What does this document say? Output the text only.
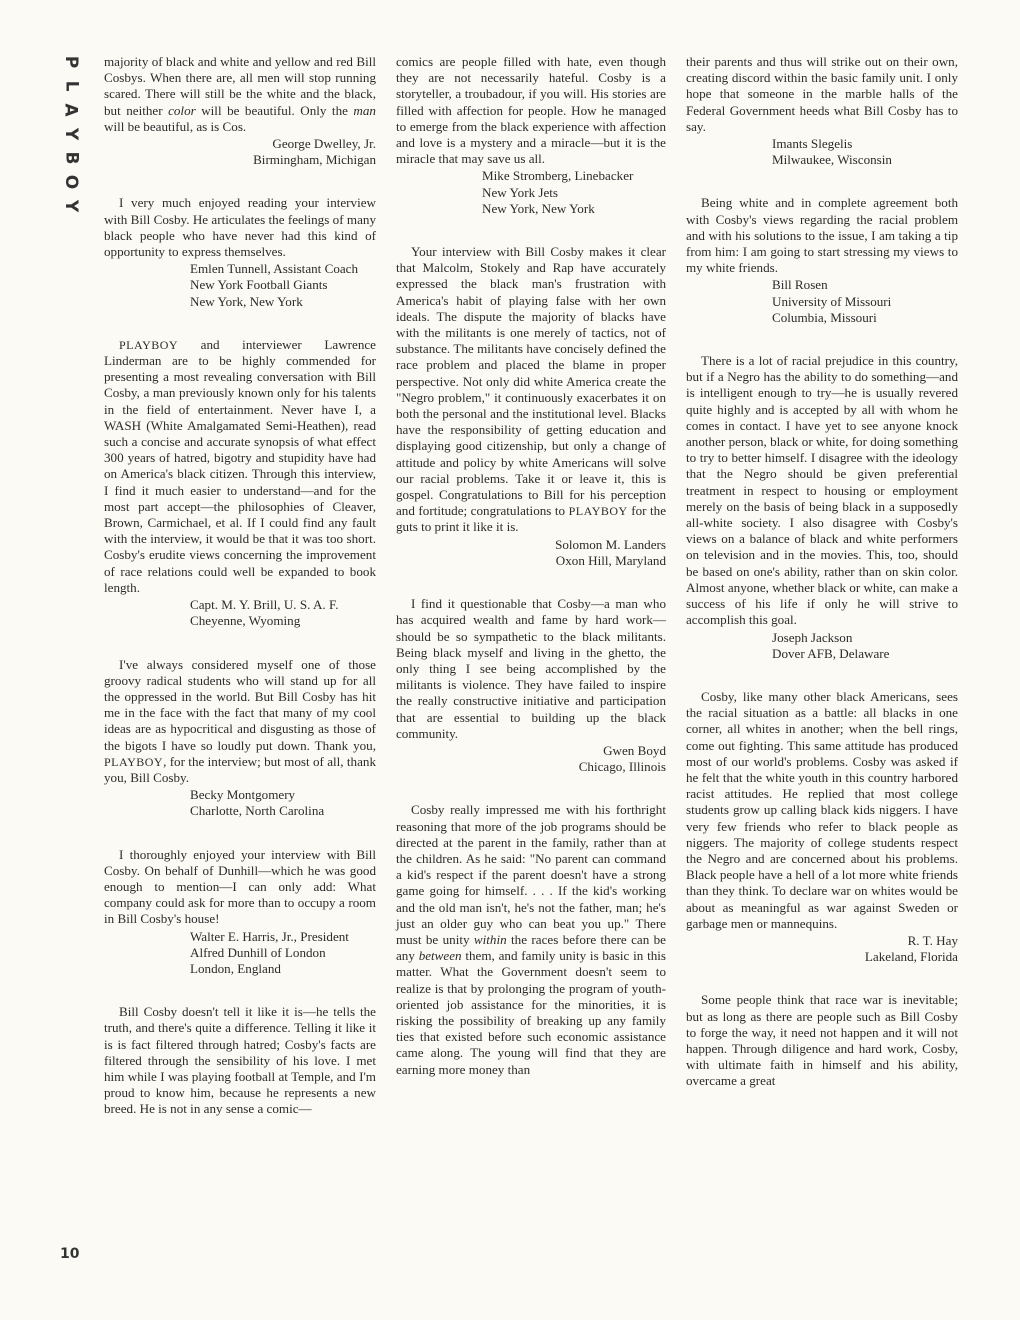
P
L
A
Y
B
O
Y
10

majority of black and white and yellow and red Bill Cosbys. When there are, all men will stop running scared. There will still be the white and the black, but neither color will be beautiful. Only the man will be beautiful, as is Cos.

George Dwelley, Jr.
Birmingham, Michigan

I very much enjoyed reading your interview with Bill Cosby. He articulates the feelings of many black people who have never had this kind of opportunity to express themselves.

Emlen Tunnell, Assistant Coach
New York Football Giants
New York, New York

PLAYBOY and interviewer Lawrence Linderman are to be highly commended for presenting a most revealing conversation with Bill Cosby, a man previously known only for his talents in the field of entertainment. Never have I, a WASH (White Amalgamated Semi-Heathen), read such a concise and accurate synopsis of what effect 300 years of hatred, bigotry and stupidity have had on America's black citizen. Through this interview, I find it much easier to understand—and for the most part accept—the philosophies of Cleaver, Brown, Carmichael, et al. If I could find any fault with the interview, it would be that it was too short. Cosby's erudite views concerning the improvement of race relations could well be expanded to book length.

Capt. M. Y. Brill, U. S. A. F.
Cheyenne, Wyoming

I've always considered myself one of those groovy radical students who will stand up for all the oppressed in the world. But Bill Cosby has hit me in the face with the fact that many of my cool ideas are as hypocritical and disgusting as those of the bigots I have so loudly put down. Thank you, PLAYBOY, for the interview; but most of all, thank you, Bill Cosby.

Becky Montgomery
Charlotte, North Carolina

I thoroughly enjoyed your interview with Bill Cosby. On behalf of Dunhill—which he was good enough to mention—I can only add: What company could ask for more than to occupy a room in Bill Cosby's house!

Walter E. Harris, Jr., President
Alfred Dunhill of London
London, England

Bill Cosby doesn't tell it like it is—he tells the truth, and there's quite a difference. Telling it like it is is fact filtered through hatred; Cosby's facts are filtered through the sensibility of his love. I met him while I was playing football at Temple, and I'm proud to know him, because he represents a new breed. He is not in any sense a comic—

comics are people filled with hate, even though they are not necessarily hateful. Cosby is a storyteller, a troubadour, if you will. His stories are filled with affection for people. How he managed to emerge from the black experience with affection and love is a mystery and a miracle—but it is the miracle that may save us all.

Mike Stromberg, Linebacker
New York Jets
New York, New York

Your interview with Bill Cosby makes it clear that Malcolm, Stokely and Rap have accurately expressed the black man's frustration with America's habit of playing false with her own ideals. The dispute the majority of blacks have with the militants is one merely of tactics, not of substance. The militants have concisely defined the race problem and placed the blame in proper perspective. Not only did white America create the "Negro problem," it continuously exacerbates it on both the personal and the institutional level. Blacks have the responsibility of getting education and displaying good citizenship, but only a change of attitude and policy by white Americans will solve our racial problems. Take it or leave it, this is gospel. Congratulations to Bill for his perception and fortitude; congratulations to PLAYBOY for the guts to print it like it is.

Solomon M. Landers
Oxon Hill, Maryland

I find it questionable that Cosby—a man who has acquired wealth and fame by hard work—should be so sympathetic to the black militants. Being black myself and living in the ghetto, the only thing I see being accomplished by the militants is violence. They have failed to inspire the really constructive initiative and participation that are essential to building up the black community.

Gwen Boyd
Chicago, Illinois

Cosby really impressed me with his forthright reasoning that more of the job programs should be directed at the parent in the family, rather than at the children. As he said: "No parent can command a kid's respect if the parent doesn't have a strong game going for himself. . . . If the kid's working and the old man isn't, he's not the father, man; he's just an older guy who can beat you up." There must be unity within the races before there can be any between them, and family unity is basic in this matter. What the Government doesn't seem to realize is that by prolonging the program of youth-oriented job assistance for the minorities, it is risking the possibility of breaking up any family ties that existed before such economic assistance came along. The young will find that they are earning more money than

their parents and thus will strike out on their own, creating discord within the basic family unit. I only hope that someone in the marble halls of the Federal Government heeds what Bill Cosby has to say.

Imants Slegelis
Milwaukee, Wisconsin

Being white and in complete agreement both with Cosby's views regarding the racial problem and with his solutions to the issue, I am taking a tip from him: I am going to start stressing my views to my white friends.

Bill Rosen
University of Missouri
Columbia, Missouri

There is a lot of racial prejudice in this country, but if a Negro has the ability to do something—and is intelligent enough to try—he is usually revered quite highly and is accepted by all with whom he comes in contact. I have yet to see anyone knock another person, black or white, for doing something to try to better himself. I disagree with the ideology that the Negro should be given preferential treatment in respect to housing or employment merely on the basis of being black in a supposedly all-white society. I also disagree with Cosby's views on a balance of black and white performers on television and in the movies. This, too, should be based on one's ability, rather than on skin color. Almost anyone, whether black or white, can make a success of his life if only he will strive to accomplish this goal.

Joseph Jackson
Dover AFB, Delaware

Cosby, like many other black Americans, sees the racial situation as a battle: all blacks in one corner, all whites in another; when the bell rings, come out fighting. This same attitude has produced most of our world's problems. Cosby was asked if he felt that the white youth in this country harbored racist attitudes. He replied that most college students grow up calling black kids niggers. I have very few friends who refer to black people as niggers. The majority of college students respect the Negro and are concerned about his problems. Black people have a hell of a lot more white friends than they think. To declare war on whites would be about as meaningful as war against Sweden or garbage men or mannequins.

R. T. Hay
Lakeland, Florida

Some people think that race war is inevitable; but as long as there are people such as Bill Cosby to forge the way, it need not happen and it will not happen. Through diligence and hard work, Cosby, with ultimate faith in himself and his ability, overcame a great
